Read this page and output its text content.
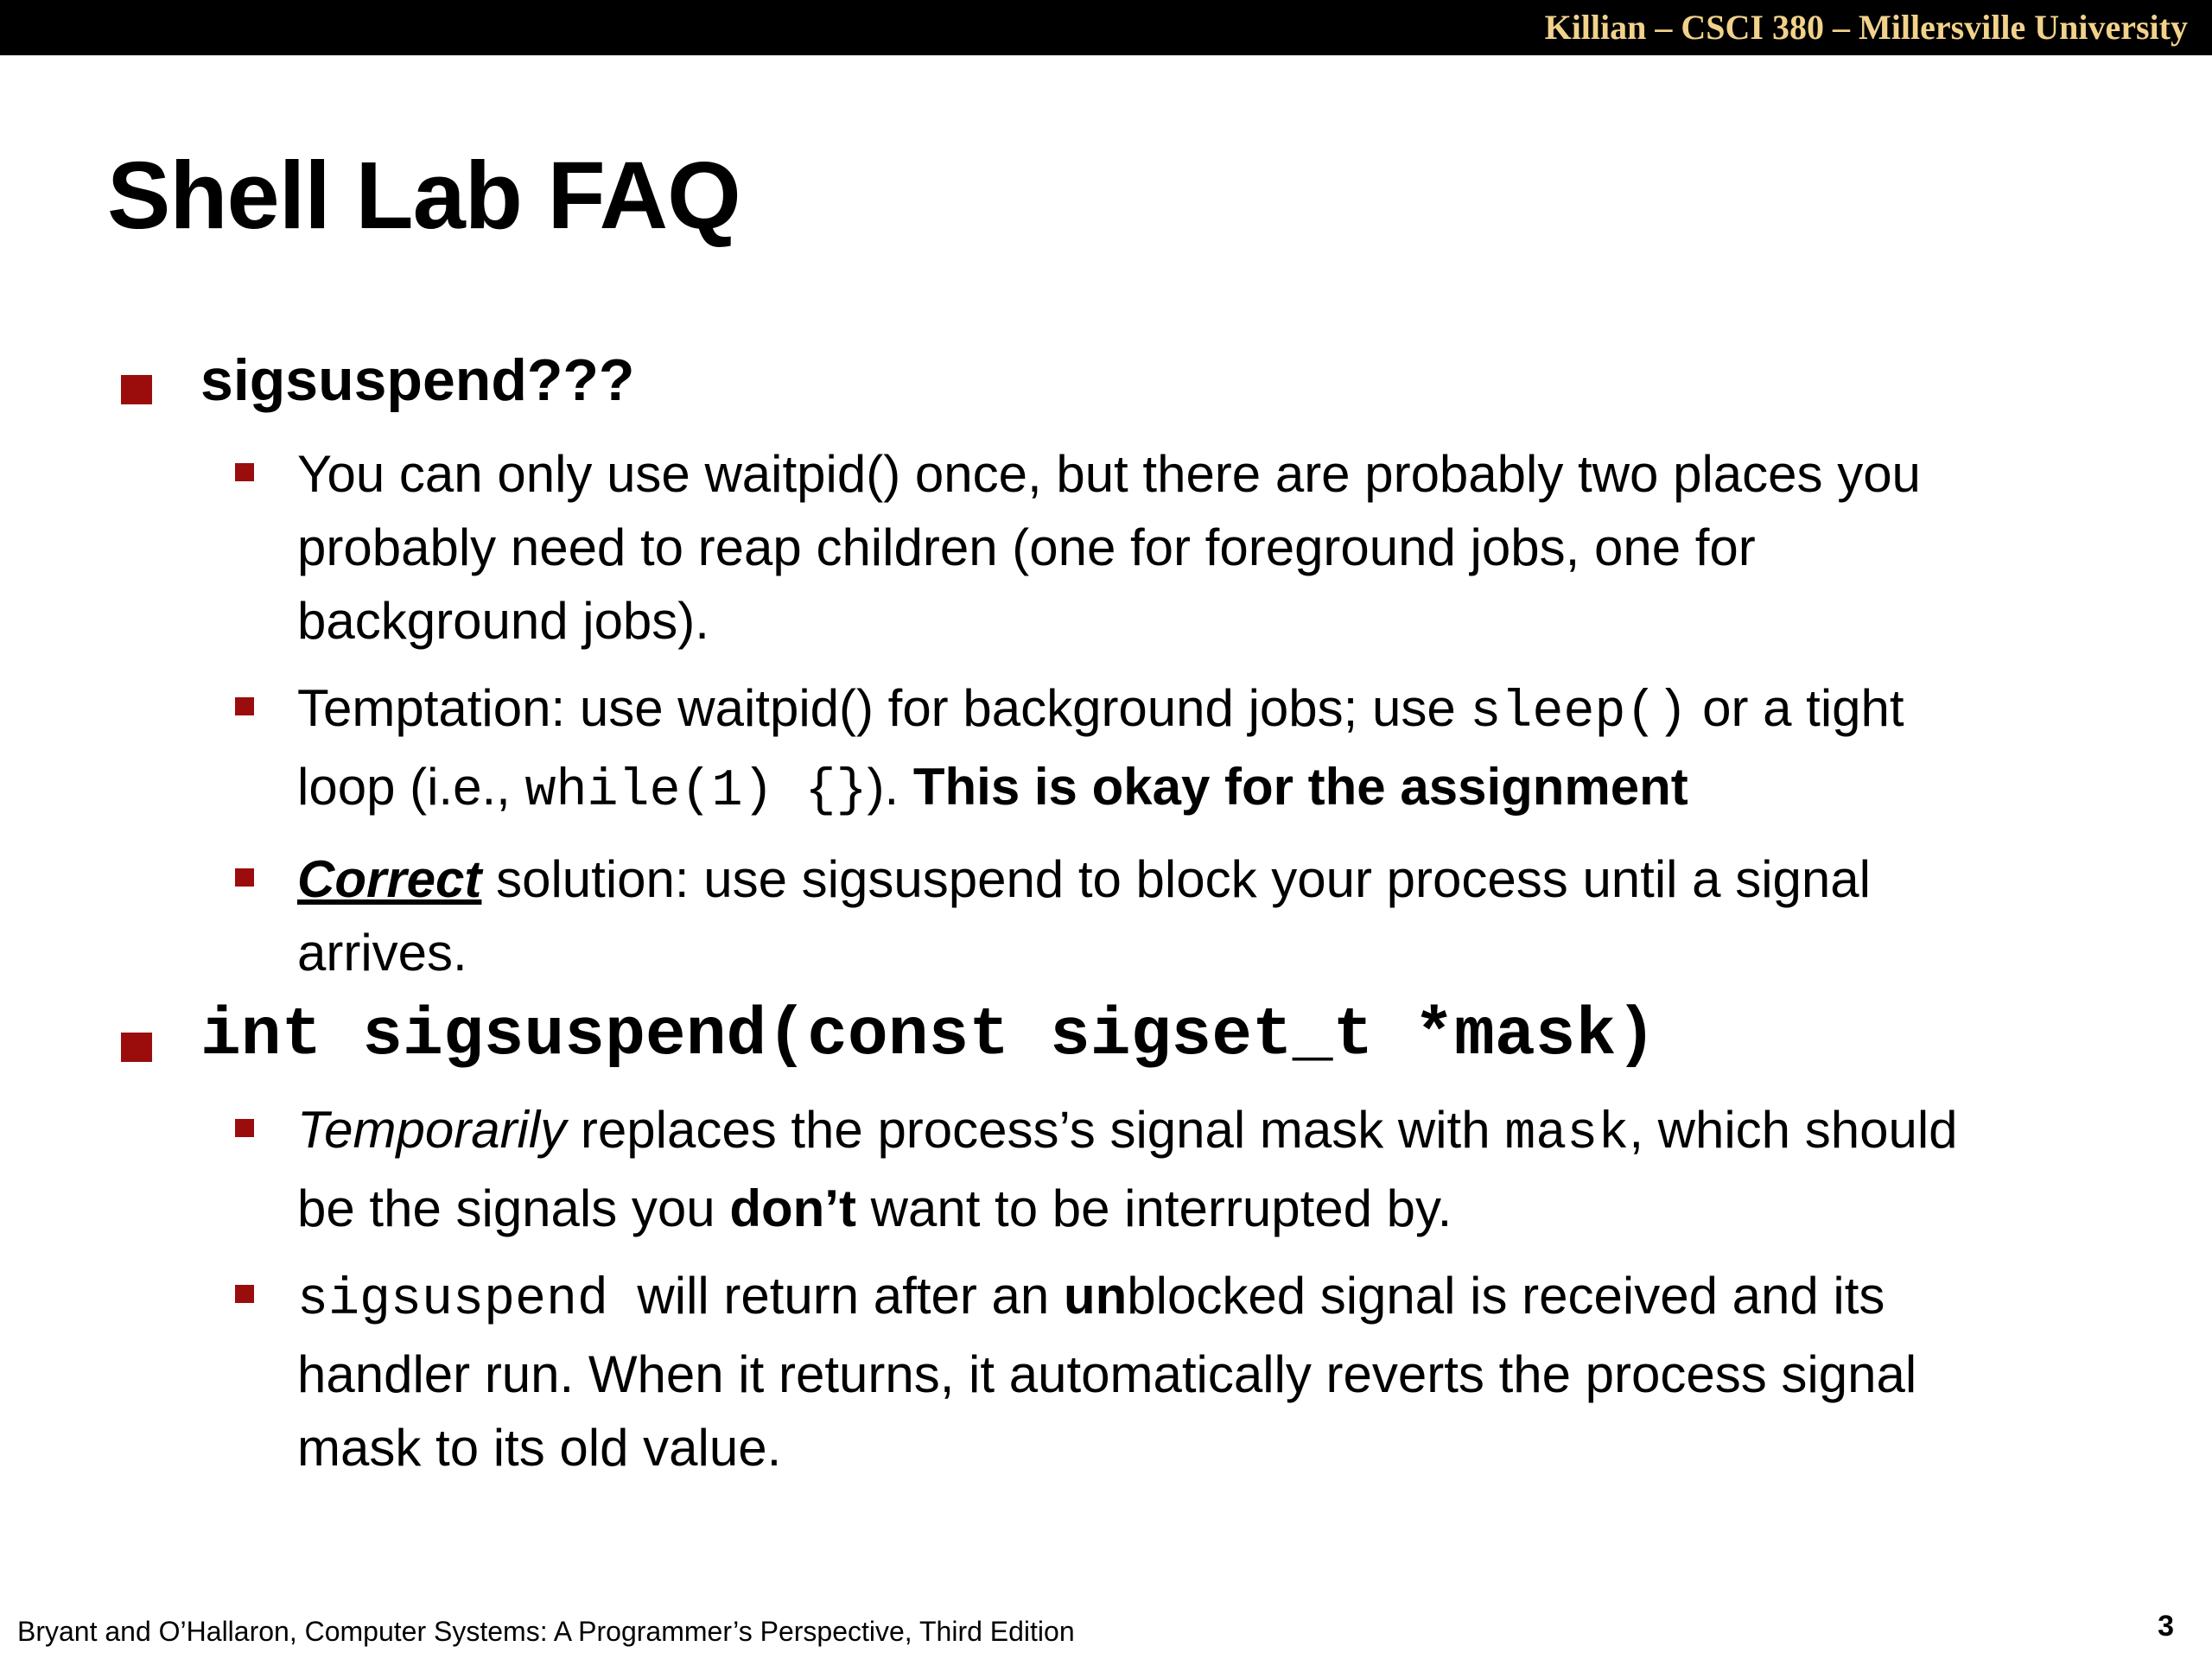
Killian – CSCI 380 – Millersville University
Shell Lab FAQ
sigsuspend???
You can only use waitpid() once, but there are probably two places you probably need to reap children (one for foreground jobs, one for background jobs).
Temptation: use waitpid() for background jobs; use sleep() or a tight loop (i.e., while(1) {}). This is okay for the assignment
Correct solution: use sigsuspend to block your process until a signal arrives.
int sigsuspend(const sigset_t *mask)
Temporarily replaces the process’s signal mask with mask, which should be the signals you don’t want to be interrupted by.
sigsuspend  will return after an unblocked signal is received and its handler run. When it returns, it automatically reverts the process signal mask to its old value.
Bryant and O’Hallaron, Computer Systems: A Programmer’s Perspective, Third Edition	3
